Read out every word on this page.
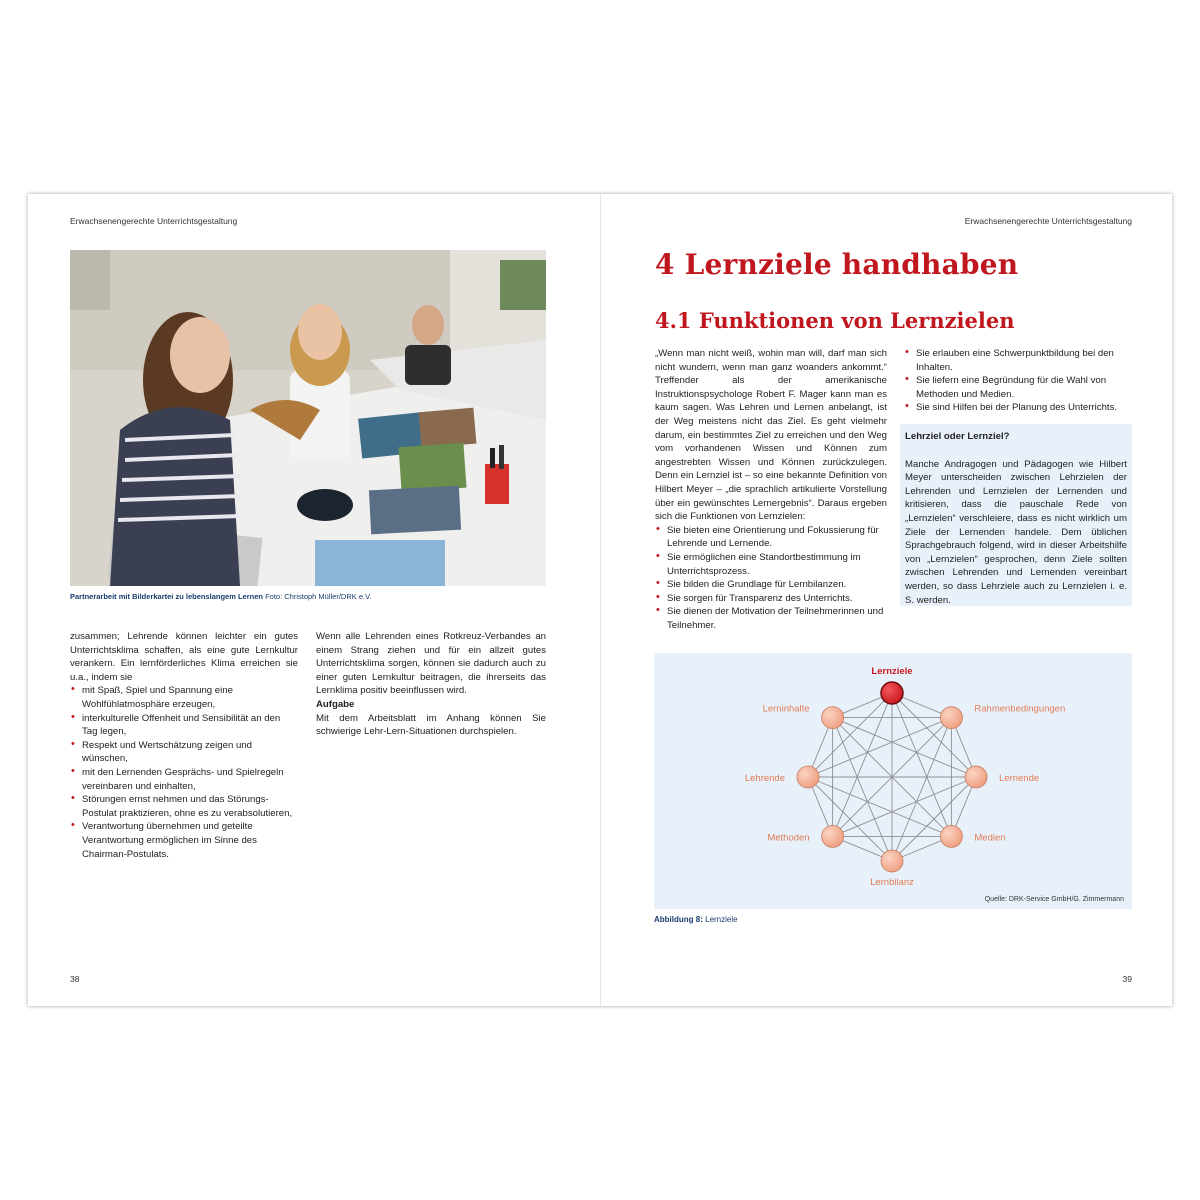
Erwachsenengerechte Unterrichtsgestaltung	Erwachsenengerechte Unterrichtsgestaltung
Partnerarbeit mit Bilderkartei zu lebenslangem Lernen Foto: Christoph Müller/DRK e.V.

zusammen; Lehrende können leichter ein gutes Unterrichtsklima schaffen, als eine gute Lernkultur verankern. Ein lernförderliches Klima erreichen sie u.a., indem sie

• mit Spaß, Spiel und Spannung eine Wohlfühlatmosphäre erzeugen,
• interkulturelle Offenheit und Sensibilität an den Tag legen,
• Respekt und Wertschätzung zeigen und wünschen,
• mit den Lernenden Gesprächs- und Spielregeln vereinbaren und einhalten,
• Störungen ernst nehmen und das Störungs-Postulat praktizieren, ohne es zu verabsolutieren,
• Verantwortung übernehmen und geteilte Verantwortung ermöglichen im Sinne des Chairman-Postulats.

Wenn alle Lehrenden eines Rotkreuz-Verbandes an einem Strang ziehen und für ein allzeit gutes Unterrichtsklima sorgen, können sie dadurch auch zu einer guten Lernkultur beitragen, die ihrerseits das Lernklima positiv beeinflussen wird.

Aufgabe

Mit dem Arbeitsblatt im Anhang können Sie schwierige Lehr-Lern-Situationen durchspielen.

38
4 Lernziele handhaben
4.1 Funktionen von Lernzielen

„Wenn man nicht weiß, wohin man will, darf man sich nicht wundern, wenn man ganz woanders ankommt.“ Treffender als der amerikanische Instruktionspsychologe Robert F. Mager kann man es kaum sagen. Was Lehren und Lernen anbelangt, ist der Weg meistens nicht das Ziel. Es geht vielmehr darum, ein bestimmtes Ziel zu erreichen und den Weg vom vorhandenen Wissen und Können zum angestrebten Wissen und Können zurückzulegen. Denn ein Lernziel ist – so eine bekannte Definition von Hilbert Meyer – „die sprachlich artikulierte Vorstellung über ein gewünschtes Lernergebnis“. Daraus ergeben sich die Funktionen von Lernzielen:

• Sie bieten eine Orientierung und Fokussierung für Lehrende und Lernende.
• Sie ermöglichen eine Standortbestimmung im Unterrichtsprozess.
• Sie bilden die Grundlage für Lernbilanzen.
• Sie sorgen für Transparenz des Unterrichts.
• Sie dienen der Motivation der Teilnehmerinnen und Teilnehmer.
• Sie erlauben eine Schwerpunktbildung bei den Inhalten.
• Sie liefern eine Begründung für die Wahl von Methoden und Medien.
• Sie sind Hilfen bei der Planung des Unterrichts.
Lehrziel oder Lernziel?

Manche Andragogen und Pädagogen wie Hilbert Meyer unterscheiden zwischen Lehrzielen der Lehrenden und Lernzielen der Lernenden und kritisieren, dass die pauschale Rede von „Lernzielen“ verschleiere, dass es nicht wirklich um Ziele der Lernenden handele. Dem üblichen Sprachgebrauch folgend, wird in dieser Arbeitshilfe von „Lernzielen“ gesprochen, denn Ziele sollten zwischen Lehrenden und Lernenden vereinbart werden, so dass Lehrziele auch zu Lernzielen i. e. S. werden.

Lernziele
Rahmenbedingungen
Lernende
Medien
Lernbilanz
Methoden
Lehrende
Lerninhalte
Quelle: DRK-Service GmbH/G. Zimmermann
Abbildung 8: Lernziele
39
